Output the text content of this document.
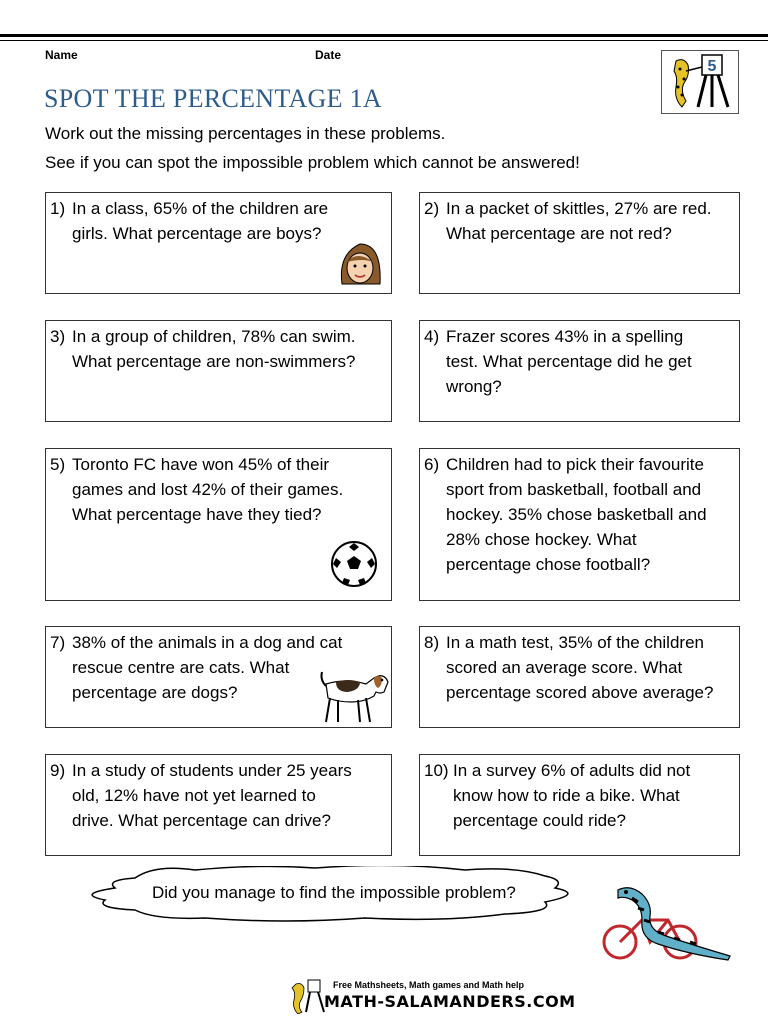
Name	Date
5
SPOT THE PERCENTAGE 1A
Work out the missing percentages in these problems.
See if you can spot the impossible problem which cannot be answered!
1) In a class, 65% of the children are
girls. What percentage are boys?
2) In a packet of skittles, 27% are red.
What percentage are not red?
3) In a group of children, 78% can swim.
What percentage are non-swimmers?
4) Frazer scores 43% in a spelling
test. What percentage did he get
wrong?
5) Toronto FC have won 45% of their
games and lost 42% of their games.
What percentage have they tied?
6) Children had to pick their favourite
sport from basketball, football and
hockey. 35% chose basketball and
28% chose hockey. What
percentage chose football?
7) 38% of the animals in a dog and cat
rescue centre are cats. What
percentage are dogs?
8) In a math test, 35% of the children
scored an average score. What
percentage scored above average?
9) In a study of students under 25 years
old, 12% have not yet learned to
drive. What percentage can drive?
10) In a survey 6% of adults did not
know how to ride a bike. What
percentage could ride?
Did you manage to find the impossible problem?
Free Mathsheets, Math games and Math help
MATH-SALAMANDERS.COM
